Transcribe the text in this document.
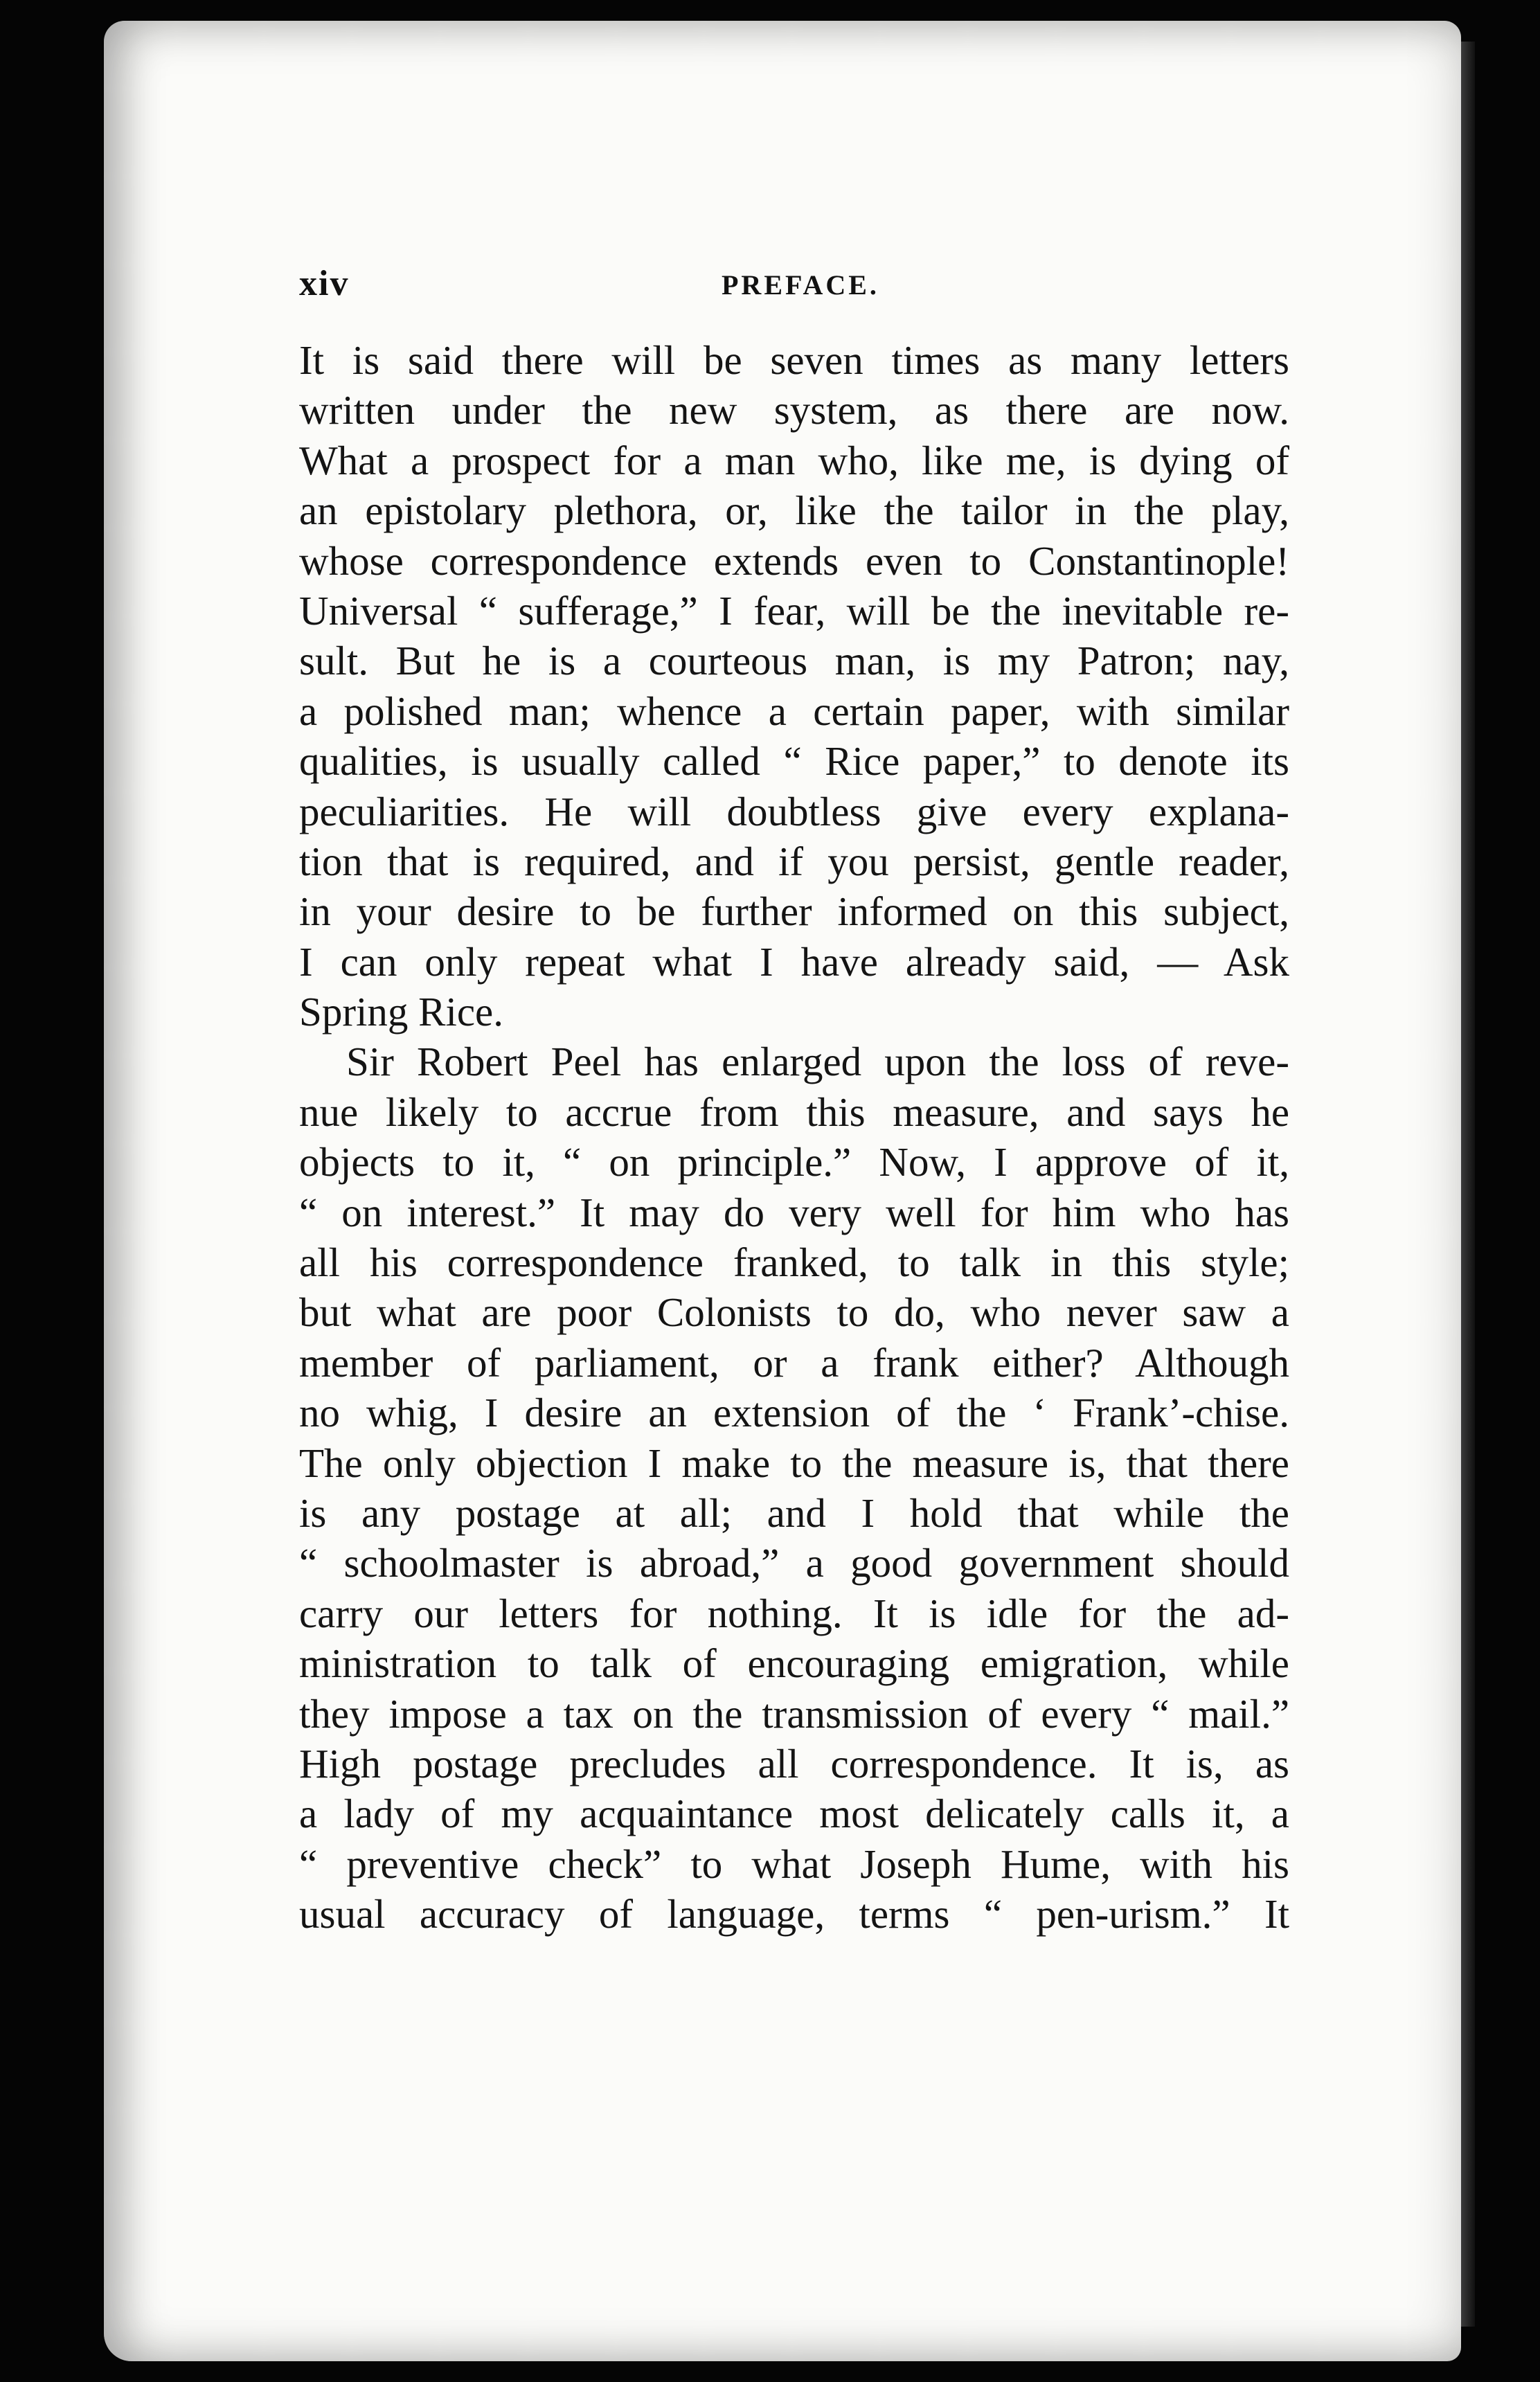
xiv	PREFACE.
It is said there will be seven times as many letters
written under the new system, as there are now.
What a prospect for a man who, like me, is dying of
an epistolary plethora, or, like the tailor in the play,
whose correspondence extends even to Constantinople!
Universal “ sufferage,” I fear, will be the inevitable re-
sult. But he is a courteous man, is my Patron; nay,
a polished man; whence a certain paper, with similar
qualities, is usually called “ Rice paper,” to denote its
peculiarities. He will doubtless give every explana-
tion that is required, and if you persist, gentle reader,
in your desire to be further informed on this subject,
I can only repeat what I have already said, — Ask
Spring Rice.
Sir Robert Peel has enlarged upon the loss of reve-
nue likely to accrue from this measure, and says he
objects to it, “ on principle.” Now, I approve of it,
“ on interest.” It may do very well for him who has
all his correspondence franked, to talk in this style;
but what are poor Colonists to do, who never saw a
member of parliament, or a frank either? Although
no whig, I desire an extension of the ‘ Frank’-chise.
The only objection I make to the measure is, that there
is any postage at all; and I hold that while the
“ schoolmaster is abroad,” a good government should
carry our letters for nothing. It is idle for the ad-
ministration to talk of encouraging emigration, while
they impose a tax on the transmission of every “ mail.”
High postage precludes all correspondence. It is, as
a lady of my acquaintance most delicately calls it, a
“ preventive check” to what Joseph Hume, with his
usual accuracy of language, terms “ pen-urism.” It
